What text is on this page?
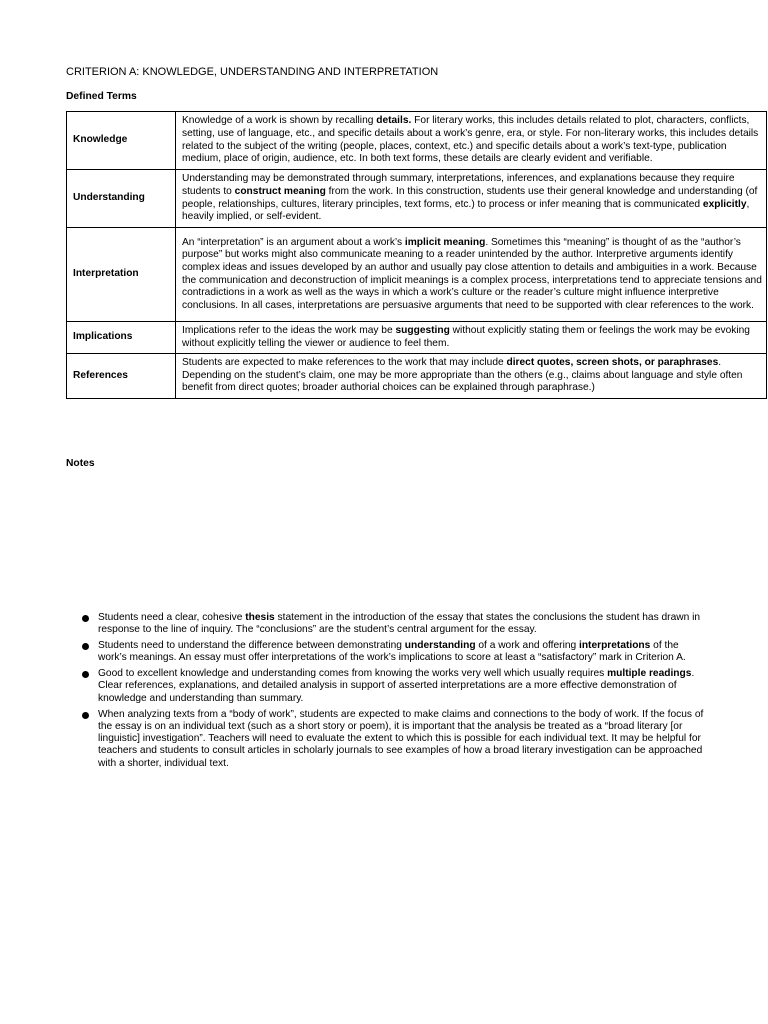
CRITERION A: KNOWLEDGE, UNDERSTANDING AND INTERPRETATION
Defined Terms
Knowledge	Knowledge of a work is shown by recalling details. For literary works, this includes details related to plot, characters, conflicts, setting, use of language, etc., and specific details about a work’s genre, era, or style. For non-literary works, this includes details related to the subject of the writing (people, places, context, etc.) and specific details about a work’s text-type, publication medium, place of origin, audience, etc. In both text forms, these details are clearly evident and verifiable.
Understanding	Understanding may be demonstrated through summary, interpretations, inferences, and explanations because they require students to construct meaning from the work. In this construction, students use their general knowledge and understanding (of people, relationships, cultures, literary principles, text forms, etc.) to process or infer meaning that is communicated explicitly, heavily implied, or self-evident.
Interpretation	An “interpretation” is an argument about a work’s implicit meaning. Sometimes this “meaning” is thought of as the “author’s purpose” but works might also communicate meaning to a reader unintended by the author. Interpretive arguments identify complex ideas and issues developed by an author and usually pay close attention to details and ambiguities in a work. Because the communication and deconstruction of implicit meanings is a complex process, interpretations tend to appreciate tensions and contradictions in a work as well as the ways in which a work’s culture or the reader’s culture might influence interpretive conclusions. In all cases, interpretations are persuasive arguments that need to be supported with clear references to the work.
Implications	Implications refer to the ideas the work may be suggesting without explicitly stating them or feelings the work may be evoking without explicitly telling the viewer or audience to feel them.
References	Students are expected to make references to the work that may include direct quotes, screen shots, or paraphrases. Depending on the student’s claim, one may be more appropriate than the others (e.g., claims about language and style often benefit from direct quotes; broader authorial choices can be explained through paraphrase.)
Notes
Students need a clear, cohesive thesis statement in the introduction of the essay that states the conclusions the student has drawn in response to the line of inquiry. The “conclusions” are the student’s central argument for the essay.
Students need to understand the difference between demonstrating understanding of a work and offering interpretations of the work’s meanings. An essay must offer interpretations of the work’s implications to score at least a “satisfactory” mark in Criterion A.
Good to excellent knowledge and understanding comes from knowing the works very well which usually requires multiple readings. Clear references, explanations, and detailed analysis in support of asserted interpretations are a more effective demonstration of knowledge and understanding than summary.
When analyzing texts from a “body of work”, students are expected to make claims and connections to the body of work. If the focus of the essay is on an individual text (such as a short story or poem), it is important that the analysis be treated as a “broad literary [or linguistic] investigation”. Teachers will need to evaluate the extent to which this is possible for each individual text. It may be helpful for teachers and students to consult articles in scholarly journals to see examples of how a broad literary investigation can be approached with a shorter, individual text.
